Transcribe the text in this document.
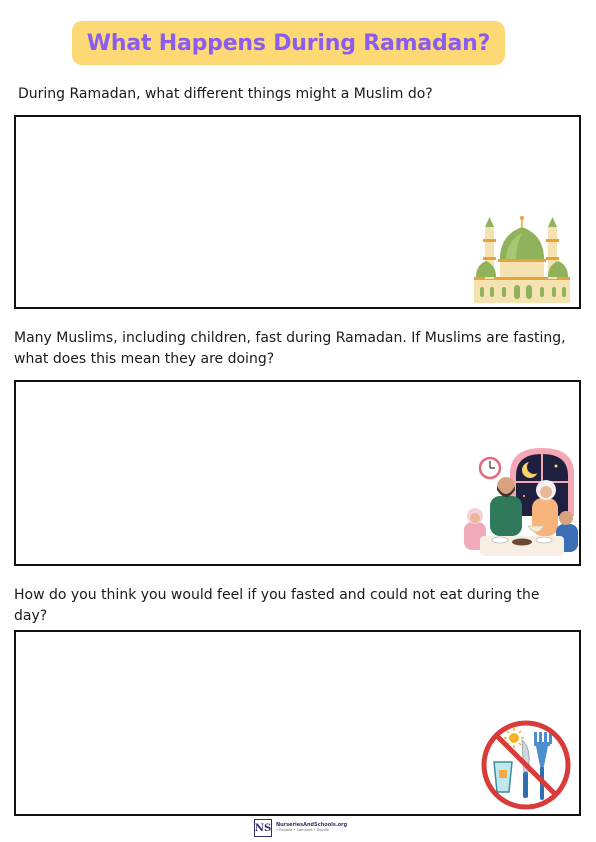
What Happens During Ramadan?
During Ramadan, what different things might a Muslim do?
Many Muslims, including children, fast during Ramadan. If Muslims are fasting, what does this mean they are doing?
How do you think you would feel if you fasted and could not eat during the day?
NS NurseriesAndSchools.org
• Explore • Compare • Decide
